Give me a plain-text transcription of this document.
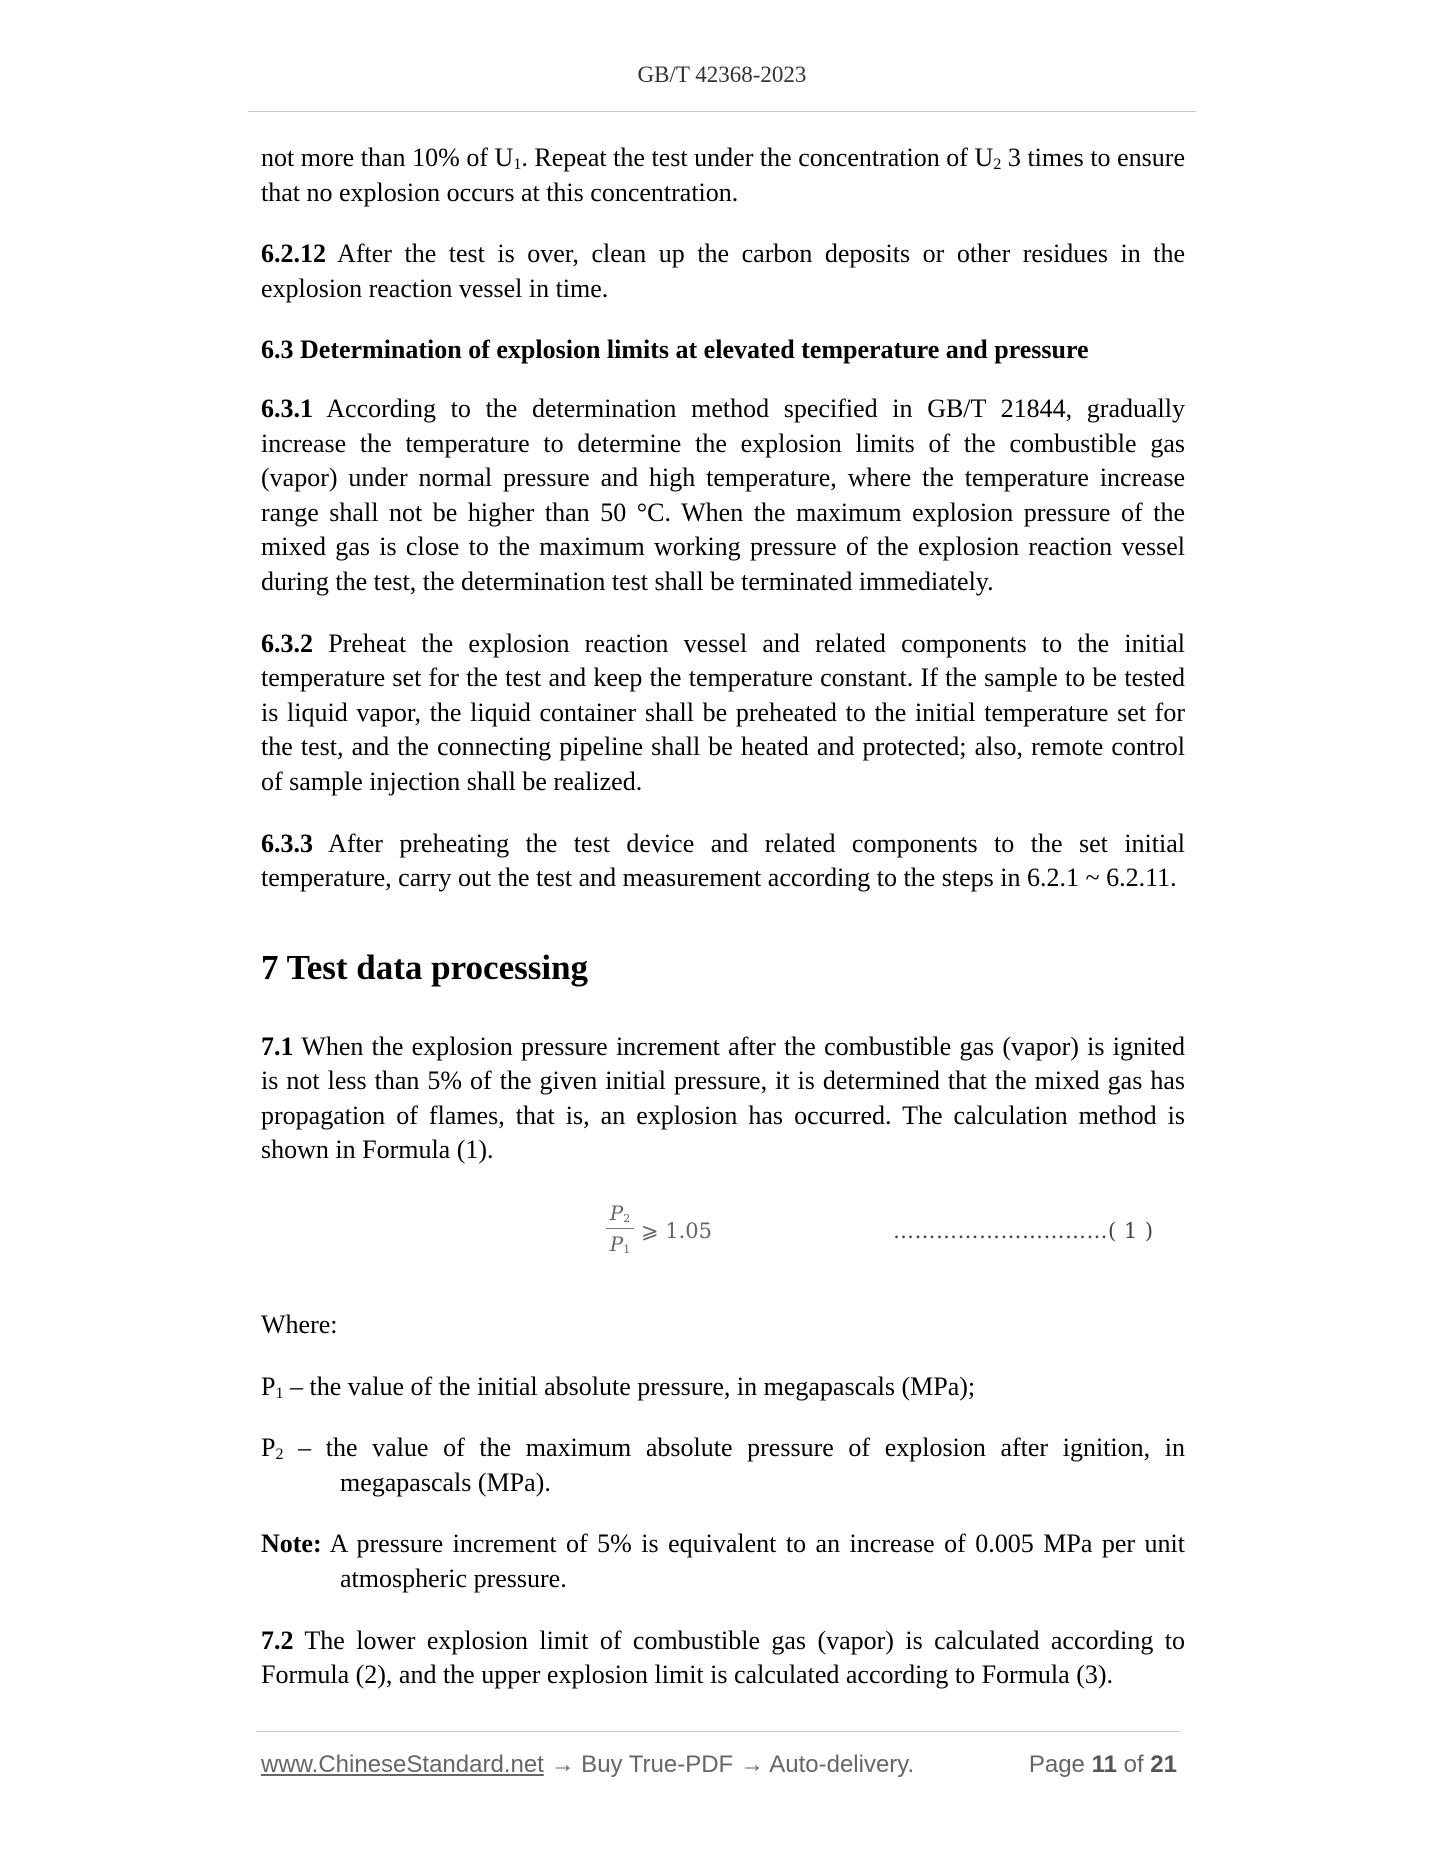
GB/T 42368-2023

not more than 10% of $U_1$. Repeat the test under the concentration of $U_2$ 3 times to ensure that no explosion occurs at this concentration.

6.2.12 After the test is over, clean up the carbon deposits or other residues in the explosion reaction vessel in time.

6.3 Determination of explosion limits at elevated temperature and pressure

6.3.1 According to the determination method specified in GB/T 21844, gradually increase the temperature to determine the explosion limits of the combustible gas (vapor) under normal pressure and high temperature, where the temperature increase range shall not be higher than 50 °C. When the maximum explosion pressure of the mixed gas is close to the maximum working pressure of the explosion reaction vessel during the test, the determination test shall be terminated immediately.

6.3.2 Preheat the explosion reaction vessel and related components to the initial temperature set for the test and keep the temperature constant. If the sample to be tested is liquid vapor, the liquid container shall be preheated to the initial temperature set for the test, and the connecting pipeline shall be heated and protected; also, remote control of sample injection shall be realized.

6.3.3 After preheating the test device and related components to the set initial temperature, carry out the test and measurement according to the steps in 6.2.1 ~ 6.2.11.

7 Test data processing

7.1 When the explosion pressure increment after the combustible gas (vapor) is ignited is not less than 5% of the given initial pressure, it is determined that the mixed gas has propagation of flames, that is, an explosion has occurred. The calculation method is shown in Formula (1).

$\frac{P_2}{P_1}$ ⩾ 1.05	…………………………( 1 )

Where:

$P_1$ – the value of the initial absolute pressure, in megapascals (MPa);

$P_2$ – the value of the maximum absolute pressure of explosion after ignition, in megapascals (MPa).

Note: A pressure increment of 5% is equivalent to an increase of 0.005 MPa per unit atmospheric pressure.

7.2 The lower explosion limit of combustible gas (vapor) is calculated according to Formula (2), and the upper explosion limit is calculated according to Formula (3).

www.ChineseStandard.net → Buy True-PDF → Auto-delivery.	Page 11 of 21
